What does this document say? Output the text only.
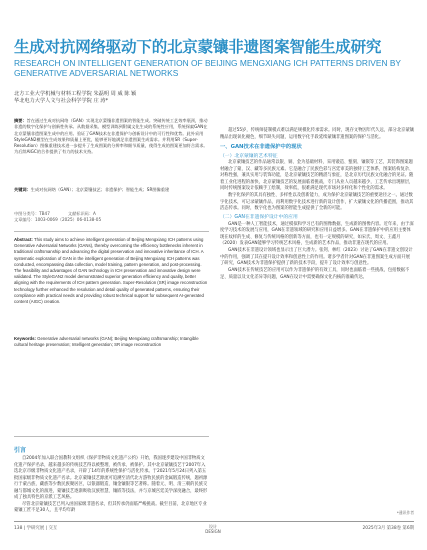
生成对抗网络驱动下的北京蒙镶非遗图案智能生成研究
RESEARCH ON INTELLIGENT GENERATION OF BEIJING MENGXIANG ICH PATTERNS DRIVEN BY GENERATIVE ADVERSARIAL NETWORKS
北方工业大学机械与材料工程学院 朱磊明 周 威 陈 颖
华北电力大学人文与社会科学学院 庄 涛*
摘要：旨在通过生成对抗网络（GAN）实现北京蒙镶非遗图案的智能生成。突破传统工艺效率瓶颈，推动非遗的数字化保护与创新性传承。从数据采集、模型训练到附属文化生成的系统性应用，系统探索GAN在北京蒙镶非遗图案生成中的应用。验证了GAN技术在非遗保护与创新设计中的可行性和优势。此外采用StyleGAN2模型在生成效果和质量上更优，能够更好地满足非遗图案生成需求。并利用SR（Super-Resolution）图像重建技术进一步提升了生成图案的分辨率和细节质量，使得生成的图案更加符合需求。为后续AIGC的合作提供了有力的技术支持。
关键词：生成对抗网络（GAN）；北京蒙镶技艺；非遗保护；智能生成；SR图像重建
中图分类号：TB47	文献标识码：A
文章编号：1003-0069（2025）06-0138-05
Abstract: This study aims to achieve intelligent generation of Beijing Mengxiang ICH patterns using Generative Adversarial Networks (GANs), thereby overcoming the efficiency bottlenecks inherent in traditional craftsmanship and advancing the digital preservation and innovative inheritance of ICH. A systematic exploration of GAN in the intelligent generation of Beijing Mengxiang ICH patterns was conducted, encompassing data collection, model training, pattern generation, and post-processing. The feasibility and advantages of GAN technology in ICH preservation and innovative design were validated. The StyleGAN2 model demonstrated superior generation efficiency and quality, better aligning with the requirements of ICH pattern generation. Super-Resolution (SR) image reconstruction technology further enhanced the resolution and detail quality of generated patterns, ensuring their compliance with practical needs and providing robust technical support for subsequent AI-generated content (AIGC) creation.
Keywords: Generative adversarial networks (GAN); Beijing Mengxiang craftsmanship; Intangible cultural heritage preservation; Intelligent generation; SR image reconstruction
引言
自2004年加入联合国教科文组织《保护非物质文化遗产公约》开始，我国逐步建设中国非物质文化遗产保护名录，越来越多的传统技艺得以被整理、被传承、被保护。其中北京蒙镶技艺于2007年入选北京市级非物质文化遗产名录，开辟了14年的系统性保护与活化传承。于2021年5月24日列入第五批国家级非物质文化遗产名录。北京蒙镶技艺源流可追溯至清代北方游牧民族的金属锻造传统，题初源行于蒙古族、藏族等少数民族聚居区，以银器锻造、镶金镶银等艺著称。随着元、明、清三朝的民族交融与都城文化的演进，蒙镶技艺逐渐吸收汉族智慧、镶嵌等技法，并与京城宫廷美学深度融合，最终形成了独具特色的京派工艺风格。
尽管北京蒙镶技艺已列入函国家级非遗名录，但其传承仍面临严峻挑战。截至目前，北京地区专业蒙镶工匠不足30人，且平均年龄

超过55岁，传统师徒制模式难以满足规模化传承需求。同时，现存文物因年代久远，部分北京蒙镶精品出现氧化褪色，细节缺失问题，运用数字化手段延续蒙镶非遗图案的保护与活化。

一、GAN技术在非遗保护中的现状
（一）北京蒙镶的艺术特征

北京蒙镶技艺的作品通常以银、铜、金为基础材料，采用锻造、錾刻、镶嵌等工艺，其装饰图案题材融合了蒙、汉、藏等多民族元素。它是融合了民族色彩与宫廷审美的独特工艺体系，图案结构复杂、对称性强，兼具实用与装饰功能，是北京蒙镶技艺的精湛与象征，是北京历代民族文化融合的见证。随着工业化进程的加快，北京蒙镶技艺的发展面临着挑战，专门从业人员越来越少，工艺传承出现断层，同时传统图案设计依赖手工绘制，效率低，很难满足现代市场对多样化和个性化的需求。

数字化保护的其具有独性、多样性以及创新能力，成为保护北京蒙镶技艺的重要途径之一。通过数字化技术，可记录蒙镶作品，再利用数字化技术进行新的设计创作，扩大蒙镶文化的传播范围，推动其活态传承。同时，数字化也为图案的智能生成提供了全新的可能。

（二）GAN在非遗保护设计中的应用

GAN是一种人工智能技术，通过模拟和学习已有的图像数据，生成新的图像内容。近年来，由于深度学习技术的发展与应用，GAN在非遗领域的研究和应用日益增多。GAN在非遗保护中的应用主要体现在纹样的生成、修复与传统风格的创新等方面，也有一定规模的研究，如宋氏、周文、王鑫月（2020）发表GAN能够学习传统艺术风格，生成新的艺术作品，推动非遗在现代的应用。

GAN技术在非遗设计领域也显示出了巨大潜力。张剑、林红（2023）讨论了GAN在非遗文创设计中的作用，强调了其在提升设计效率和创意性上的作用。诸多学者针对GAN在非遗图案生成方面开展了研究，GAN技术为非遗保护提供了新的技术手段，提升了设计效率与创意性。

GAN技术在传统技艺的应用可以作为非遗保护的有效工具，同时也面临着一些挑战，包括数据不足、质量以及文化差异等问题，GAN在设计中需要确保文化内核的准确传达。

*通讯作者
138 | 学研究展 | 交互	设计
DESIGN
2025年3月 第38卷 第6期
